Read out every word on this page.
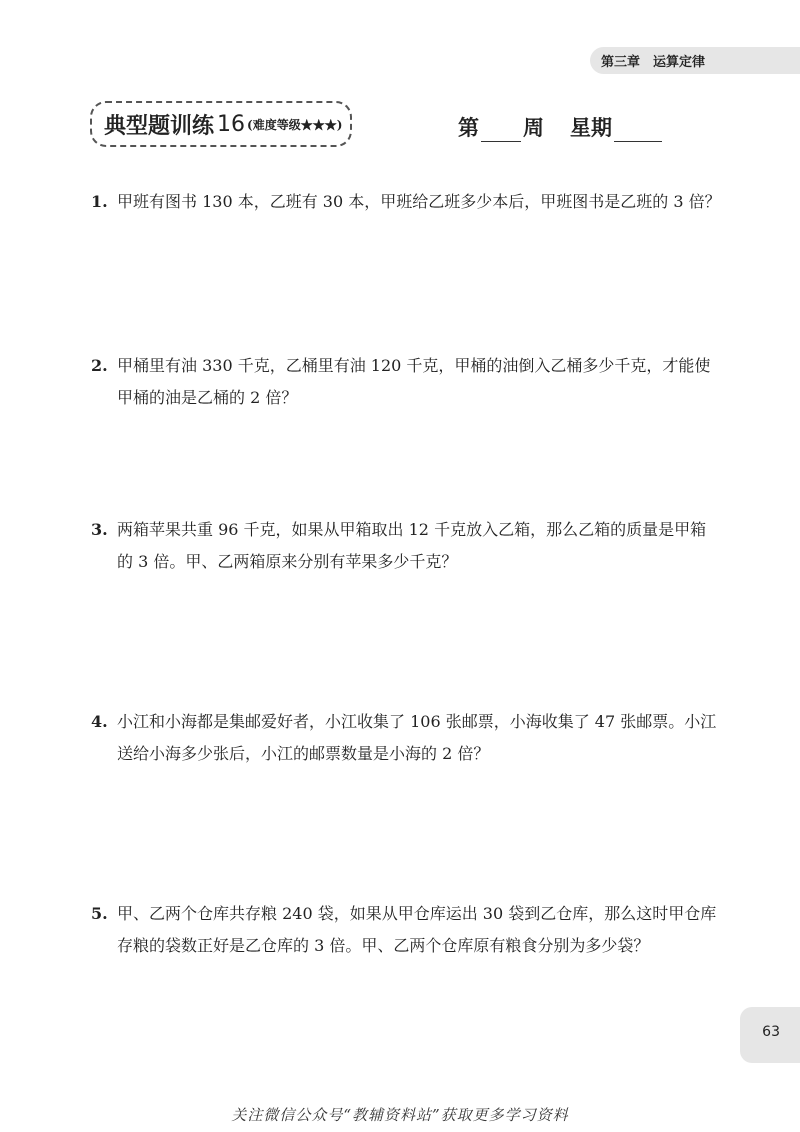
第三章　运算定律
典型题训练 16 (难度等级★★★)	第 周 星期
1. 甲班有图书 130 本，乙班有 30 本，甲班给乙班多少本后，甲班图书是乙班的 3 倍？
2. 甲桶里有油 330 千克，乙桶里有油 120 千克，甲桶的油倒入乙桶多少千克，才能使甲桶的油是乙桶的 2 倍？
3. 两箱苹果共重 96 千克，如果从甲箱取出 12 千克放入乙箱，那么乙箱的质量是甲箱的 3 倍。甲、乙两箱原来分别有苹果多少千克？
4. 小江和小海都是集邮爱好者，小江收集了 106 张邮票，小海收集了 47 张邮票。小江送给小海多少张后，小江的邮票数量是小海的 2 倍？
5. 甲、乙两个仓库共存粮 240 袋，如果从甲仓库运出 30 袋到乙仓库，那么这时甲仓库存粮的袋数正好是乙仓库的 3 倍。甲、乙两个仓库原有粮食分别为多少袋？
63
关注微信公众号“教辅资料站”获取更多学习资料
